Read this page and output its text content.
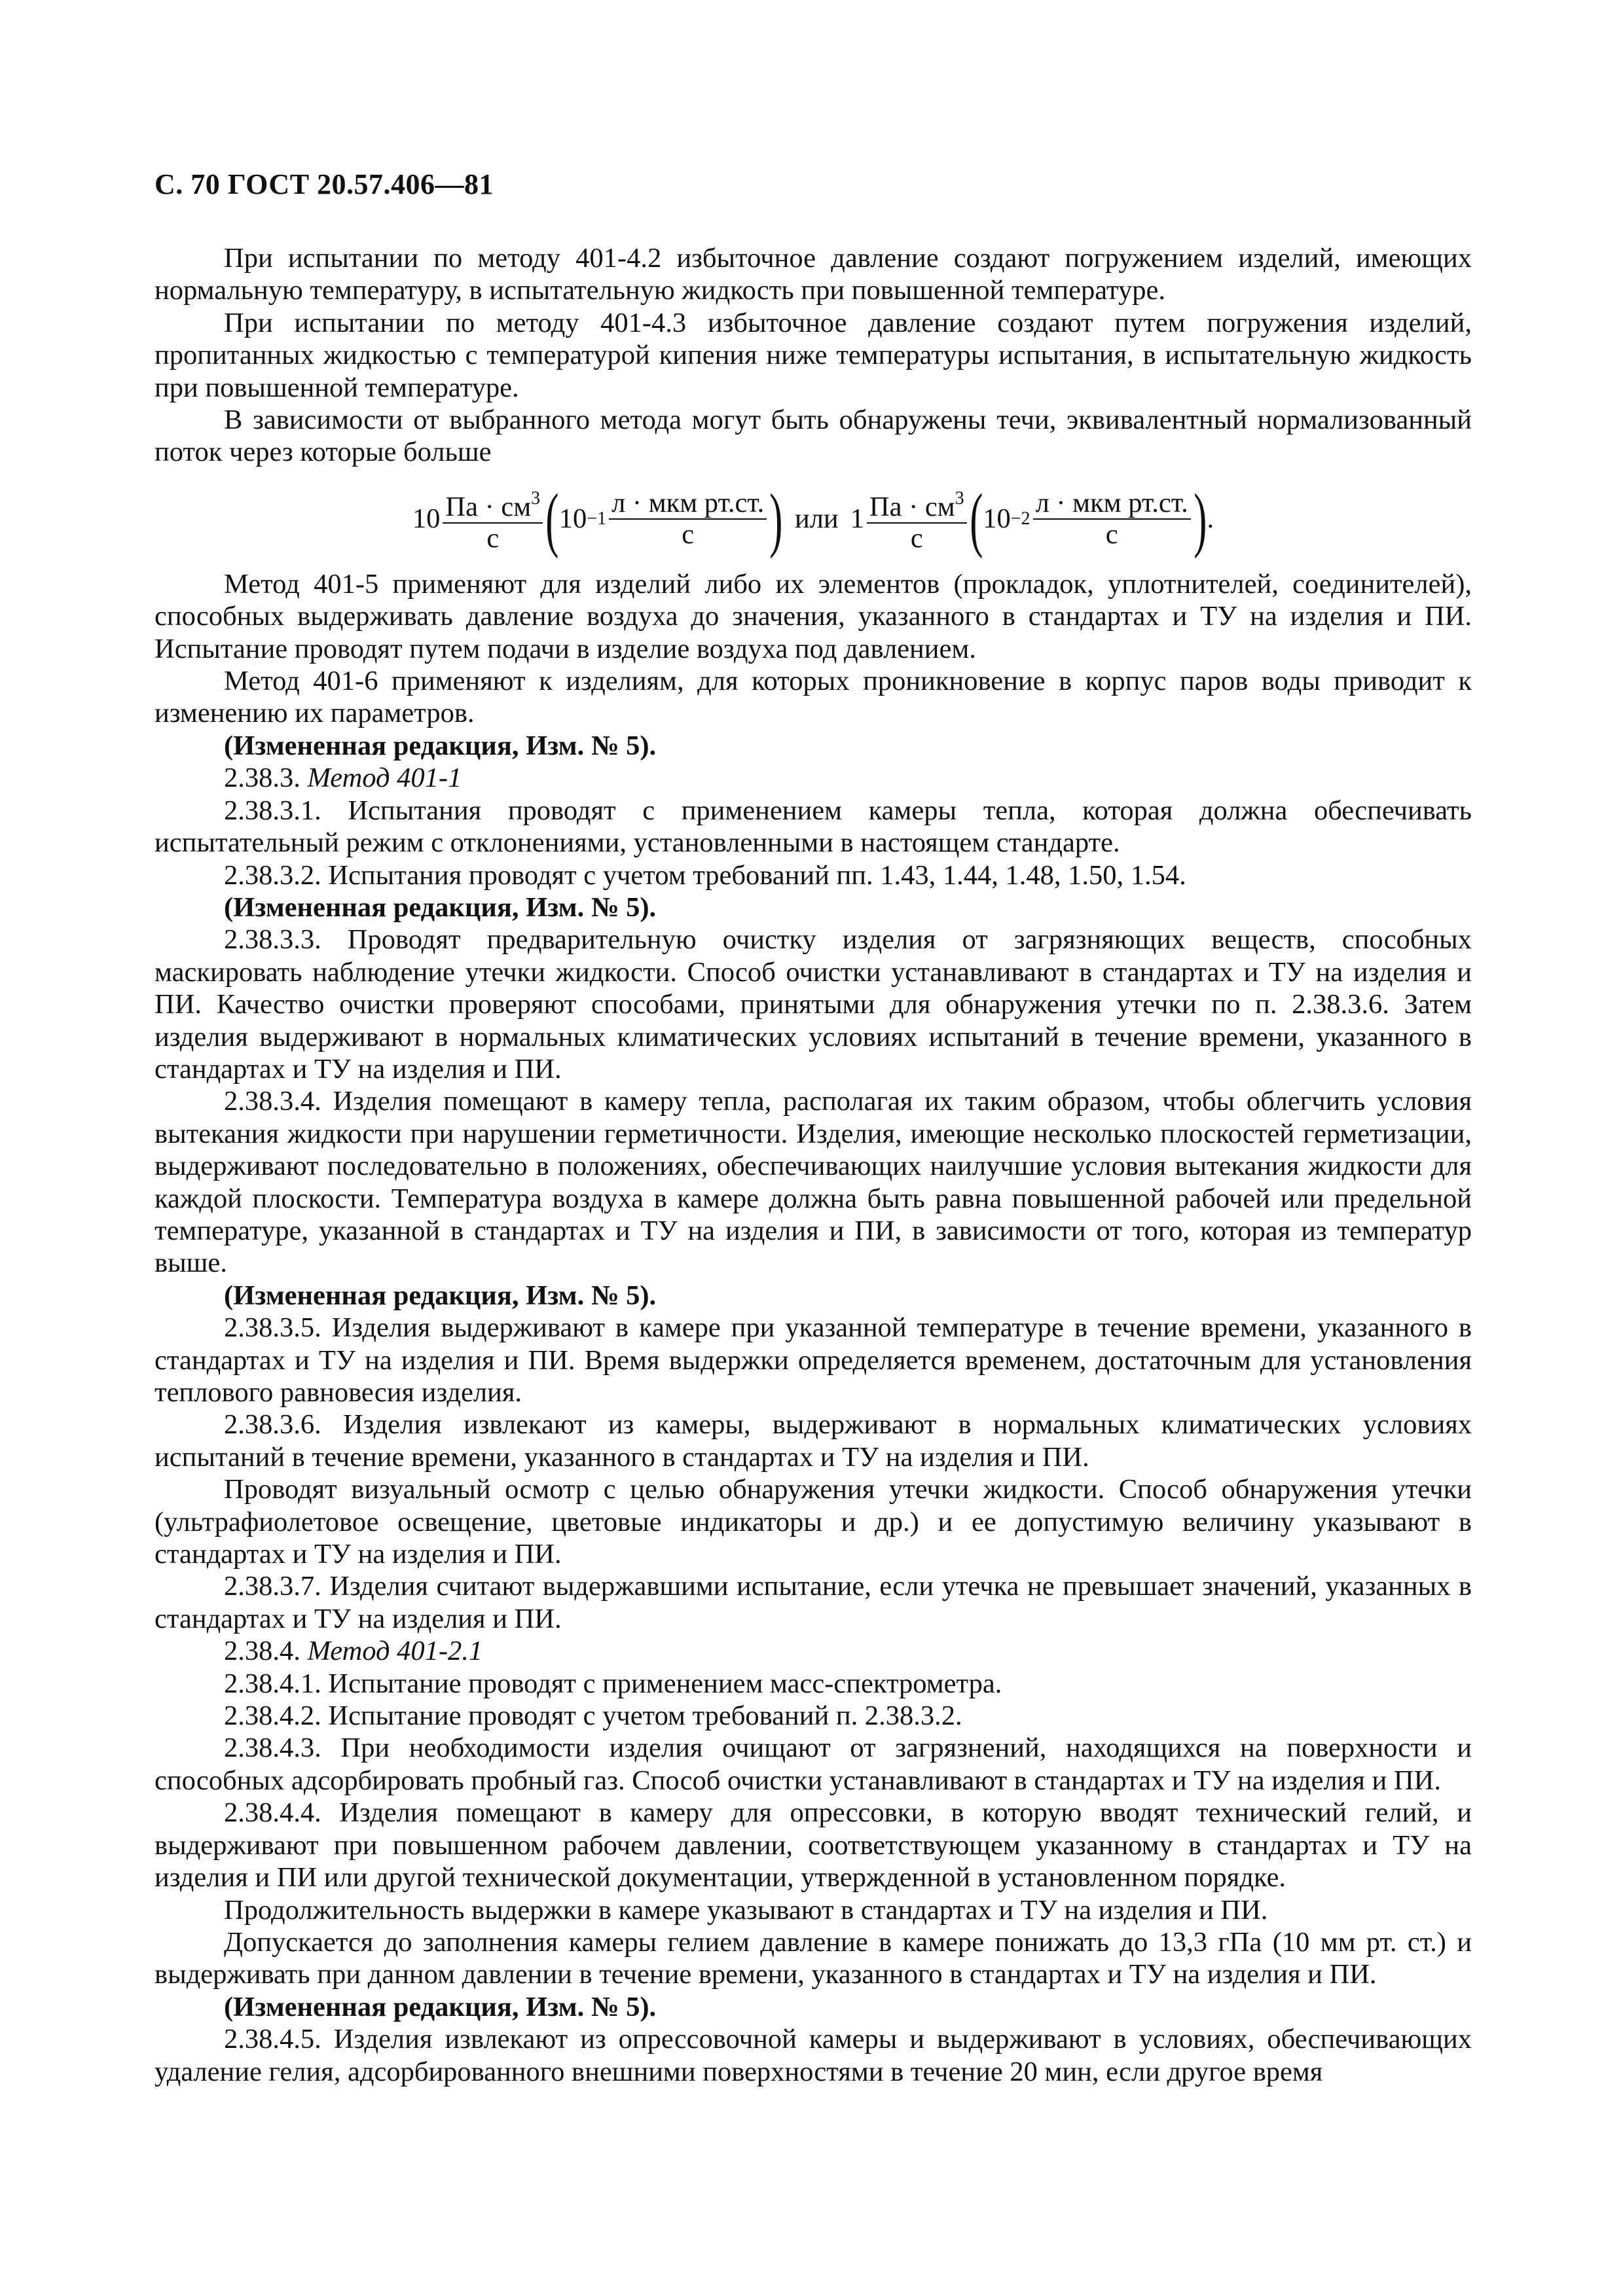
С. 70 ГОСТ 20.57.406—81

При испытании по методу 401-4.2 избыточное давление создают погружением изделий, имеющих нормальную температуру, в испытательную жидкость при повышенной температуре.

При испытании по методу 401-4.3 избыточное давление создают путем погружения изделий, пропитанных жидкостью с температурой кипения ниже температуры испытания, в испытательную жидкость при повышенной температуре.

В зависимости от выбранного метода могут быть обнаружены течи, эквивалентный нормализованный поток через которые больше

$10 \frac{Па \cdot см^3}{с}$ ( $10 -1 \frac{\text{л · мкм рт.ст.}}{с}$ ) или $1 \frac{Па \cdot см^3}{с}$ ( $10 -2 \frac{\text{л · мкм рт.ст.}}{с}$ ) .

Метод 401-5 применяют для изделий либо их элементов (прокладок, уплотнителей, соединителей), способных выдерживать давление воздуха до значения, указанного в стандартах и ТУ на изделия и ПИ. Испытание проводят путем подачи в изделие воздуха под давлением.

Метод 401-6 применяют к изделиям, для которых проникновение в корпус паров воды приводит к изменению их параметров.

(Измененная редакция, Изм. № 5).

2.38.3. Метод 401-1

2.38.3.1. Испытания проводят с применением камеры тепла, которая должна обеспечивать испытательный режим с отклонениями, установленными в настоящем стандарте.

2.38.3.2. Испытания проводят с учетом требований пп. 1.43, 1.44, 1.48, 1.50, 1.54.

(Измененная редакция, Изм. № 5).

2.38.3.3. Проводят предварительную очистку изделия от загрязняющих веществ, способных маскировать наблюдение утечки жидкости. Способ очистки устанавливают в стандартах и ТУ на изделия и ПИ. Качество очистки проверяют способами, принятыми для обнаружения утечки по п. 2.38.3.6. Затем изделия выдерживают в нормальных климатических условиях испытаний в течение времени, указанного в стандартах и ТУ на изделия и ПИ.

2.38.3.4. Изделия помещают в камеру тепла, располагая их таким образом, чтобы облегчить условия вытекания жидкости при нарушении герметичности. Изделия, имеющие несколько плоскостей герметизации, выдерживают последовательно в положениях, обеспечивающих наилучшие условия вытекания жидкости для каждой плоскости. Температура воздуха в камере должна быть равна повышенной рабочей или предельной температуре, указанной в стандартах и ТУ на изделия и ПИ, в зависимости от того, которая из температур выше.

(Измененная редакция, Изм. № 5).

2.38.3.5. Изделия выдерживают в камере при указанной температуре в течение времени, указанного в стандартах и ТУ на изделия и ПИ. Время выдержки определяется временем, достаточным для установления теплового равновесия изделия.

2.38.3.6. Изделия извлекают из камеры, выдерживают в нормальных климатических условиях испытаний в течение времени, указанного в стандартах и ТУ на изделия и ПИ.

Проводят визуальный осмотр с целью обнаружения утечки жидкости. Способ обнаружения утечки (ультрафиолетовое освещение, цветовые индикаторы и др.) и ее допустимую величину указывают в стандартах и ТУ на изделия и ПИ.

2.38.3.7. Изделия считают выдержавшими испытание, если утечка не превышает значений, указанных в стандартах и ТУ на изделия и ПИ.

2.38.4. Метод 401-2.1

2.38.4.1. Испытание проводят с применением масс-спектрометра.

2.38.4.2. Испытание проводят с учетом требований п. 2.38.3.2.

2.38.4.3. При необходимости изделия очищают от загрязнений, находящихся на поверхности и способных адсорбировать пробный газ. Способ очистки устанавливают в стандартах и ТУ на изделия и ПИ.

2.38.4.4. Изделия помещают в камеру для опрессовки, в которую вводят технический гелий, и выдерживают при повышенном рабочем давлении, соответствующем указанному в стандартах и ТУ на изделия и ПИ или другой технической документации, утвержденной в установленном порядке.

Продолжительность выдержки в камере указывают в стандартах и ТУ на изделия и ПИ.

Допускается до заполнения камеры гелием давление в камере понижать до 13,3 гПа (10 мм рт. ст.) и выдерживать при данном давлении в течение времени, указанного в стандартах и ТУ на изделия и ПИ.

(Измененная редакция, Изм. № 5).

2.38.4.5. Изделия извлекают из опрессовочной камеры и выдерживают в условиях, обеспечивающих удаление гелия, адсорбированного внешними поверхностями в течение 20 мин, если другое время
